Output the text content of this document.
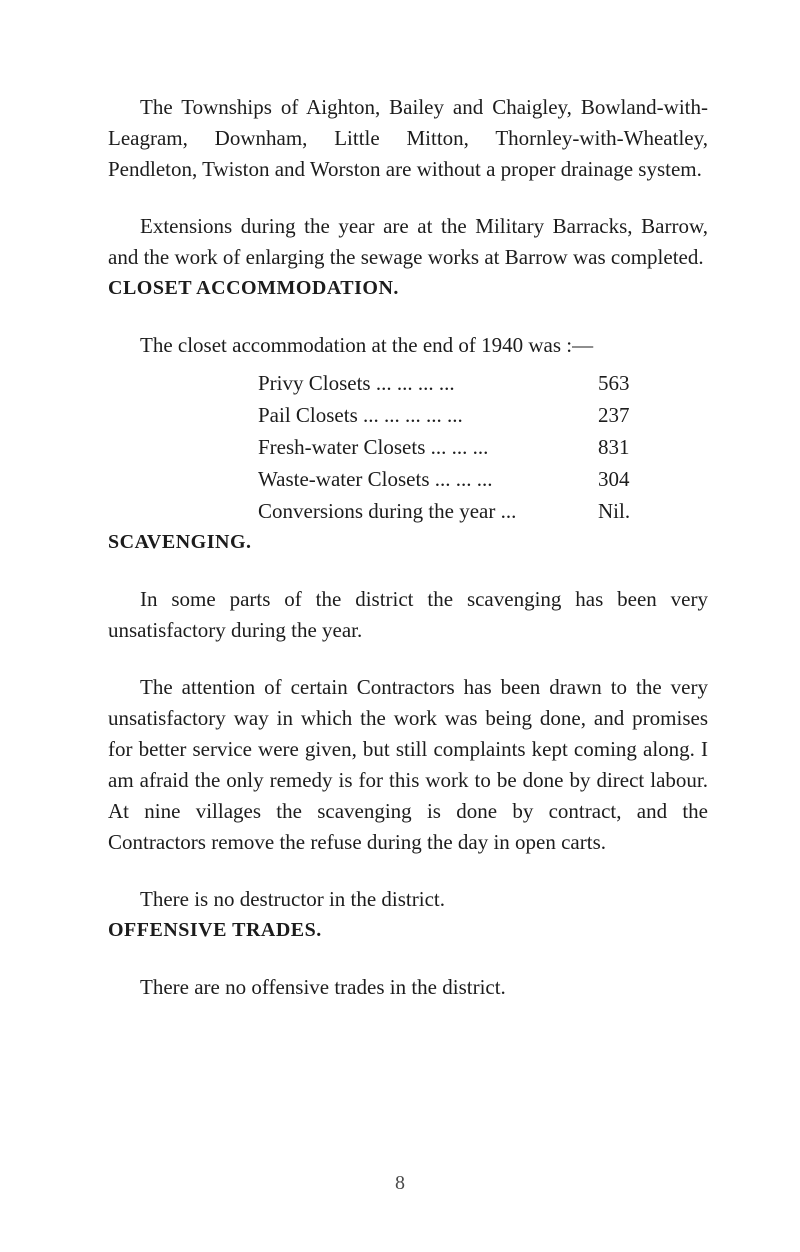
The Townships of Aighton, Bailey and Chaigley, Bowland-with-Leagram, Downham, Little Mitton, Thornley-with-Wheatley, Pendleton, Twiston and Worston are without a proper drainage system.

Extensions during the year are at the Military Barracks, Barrow, and the work of enlarging the sewage works at Barrow was completed.

CLOSET ACCOMMODATION.

The closet accommodation at the end of 1940 was :—

Privy Closets ... ... ... ...	563
Pail Closets ... ... ... ... ...	237
Fresh-water Closets ... ... ...	831
Waste-water Closets ... ... ...	304
Conversions during the year ...	Nil.
SCAVENGING.

In some parts of the district the scavenging has been very unsatisfactory during the year.

The attention of certain Contractors has been drawn to the very unsatisfactory way in which the work was being done, and promises for better service were given, but still complaints kept coming along. I am afraid the only remedy is for this work to be done by direct labour. At nine villages the scavenging is done by contract, and the Contractors remove the refuse during the day in open carts.

There is no destructor in the district.

OFFENSIVE TRADES.

There are no offensive trades in the district.

8
